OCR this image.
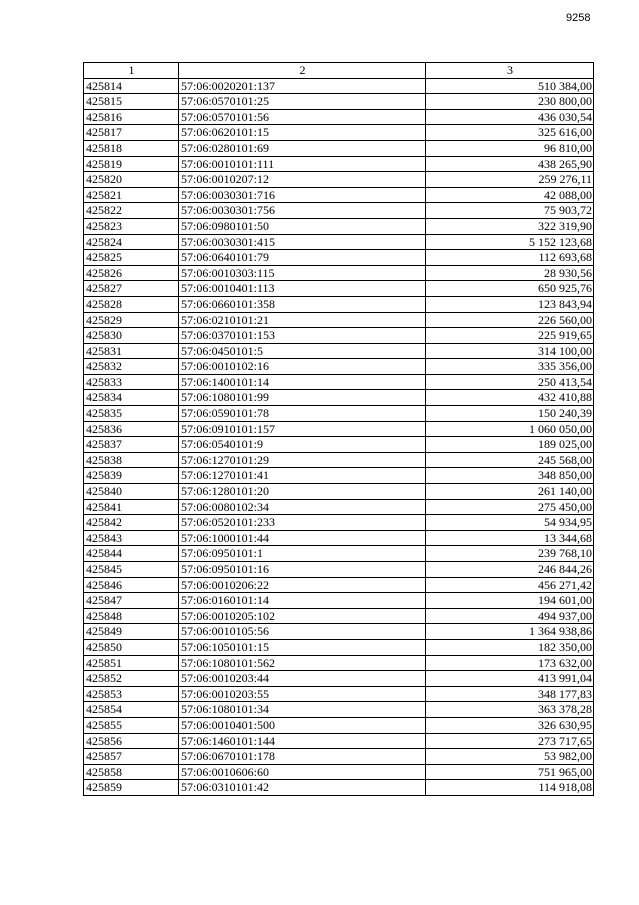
9258
1	2	3
425814	57:06:0020201:137	510 384,00
425815	57:06:0570101:25	230 800,00
425816	57:06:0570101:56	436 030,54
425817	57:06:0620101:15	325 616,00
425818	57:06:0280101:69	96 810,00
425819	57:06:0010101:111	438 265,90
425820	57:06:0010207:12	259 276,11
425821	57:06:0030301:716	42 088,00
425822	57:06:0030301:756	75 903,72
425823	57:06:0980101:50	322 319,90
425824	57:06:0030301:415	5 152 123,68
425825	57:06:0640101:79	112 693,68
425826	57:06:0010303:115	28 930,56
425827	57:06:0010401:113	650 925,76
425828	57:06:0660101:358	123 843,94
425829	57:06:0210101:21	226 560,00
425830	57:06:0370101:153	225 919,65
425831	57:06:0450101:5	314 100,00
425832	57:06:0010102:16	335 356,00
425833	57:06:1400101:14	250 413,54
425834	57:06:1080101:99	432 410,88
425835	57:06:0590101:78	150 240,39
425836	57:06:0910101:157	1 060 050,00
425837	57:06:0540101:9	189 025,00
425838	57:06:1270101:29	245 568,00
425839	57:06:1270101:41	348 850,00
425840	57:06:1280101:20	261 140,00
425841	57:06:0080102:34	275 450,00
425842	57:06:0520101:233	54 934,95
425843	57:06:1000101:44	13 344,68
425844	57:06:0950101:1	239 768,10
425845	57:06:0950101:16	246 844,26
425846	57:06:0010206:22	456 271,42
425847	57:06:0160101:14	194 601,00
425848	57:06:0010205:102	494 937,00
425849	57:06:0010105:56	1 364 938,86
425850	57:06:1050101:15	182 350,00
425851	57:06:1080101:562	173 632,00
425852	57:06:0010203:44	413 991,04
425853	57:06:0010203:55	348 177,83
425854	57:06:1080101:34	363 378,28
425855	57:06:0010401:500	326 630,95
425856	57:06:1460101:144	273 717,65
425857	57:06:0670101:178	53 982,00
425858	57:06:0010606:60	751 965,00
425859	57:06:0310101:42	114 918,08
